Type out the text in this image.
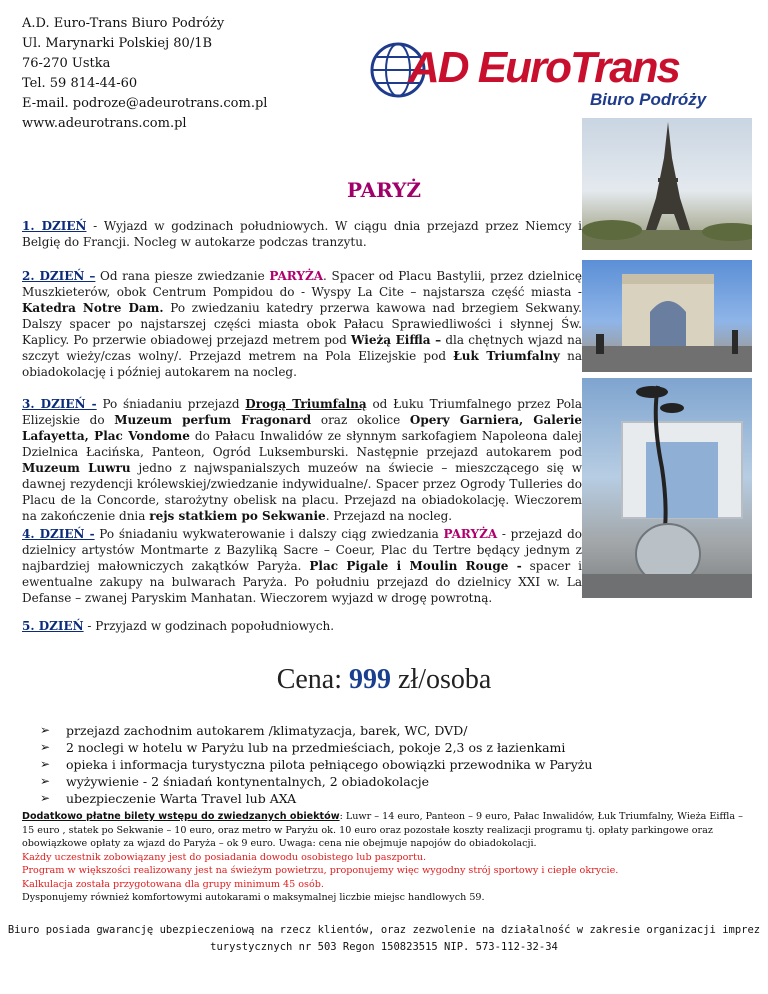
A.D. Euro-Trans Biuro Podróży
Ul. Marynarki Polskiej 80/1B
76-270 Ustka
Tel. 59 814-44-60
E-mail. podroze@adeurotrans.com.pl
www.adeurotrans.com.pl
AD EuroTrans
Biuro Podróży
PARYŻ
1. DZIEŃ - Wyjazd w godzinach południowych. W ciągu dnia przejazd przez Niemcy i Belgię do Francji. Nocleg w autokarze podczas tranzytu.
2. DZIEŃ – Od rana piesze zwiedzanie PARYŻA. Spacer od Placu Bastylii, przez dzielnicę Muszkieterów, obok Centrum Pompidou do - Wyspy La Cite – najstarsza część miasta - Katedra Notre Dam. Po zwiedzaniu katedry przerwa kawowa nad brzegiem Sekwany. Dalszy spacer po najstarszej części miasta obok Pałacu Sprawiedliwości i słynnej Św. Kaplicy. Po przerwie obiadowej przejazd metrem pod Wieżą Eiffla – dla chętnych wjazd na szczyt wieży/czas wolny/. Przejazd metrem na Pola Elizejskie pod Łuk Triumfalny na obiadokolację i później autokarem na nocleg.
3. DZIEŃ - Po śniadaniu przejazd Drogą Triumfalną od Łuku Triumfalnego przez Pola Elizejskie do Muzeum perfum Fragonard oraz okolice Opery Garniera, Galerie Lafayetta, Plac Vondome do Pałacu Inwalidów ze słynnym sarkofagiem Napoleona dalej Dzielnica Łacińska, Panteon, Ogród Luksemburski. Następnie przejazd autokarem pod Muzeum Luwru jedno z najwspanialszych muzeów na świecie – mieszczącego się w dawnej rezydencji królewskiej/zwiedzanie indywidualne/. Spacer przez Ogrody Tulleries do Placu de la Concorde, starożytny obelisk na placu. Przejazd na obiadokolację. Wieczorem na zakończenie dnia rejs statkiem po Sekwanie. Przejazd na nocleg.
4. DZIEŃ - Po śniadaniu wykwaterowanie i dalszy ciąg zwiedzania PARYŻA - przejazd do dzielnicy artystów Montmarte z Bazyliką Sacre – Coeur, Plac du Tertre będący jednym z najbardziej małowniczych zakątków Paryża. Plac Pigale i Moulin Rouge - spacer i ewentualne zakupy na bulwarach Paryża. Po południu przejazd do dzielnicy XXI w. La Defanse – zwanej Paryskim Manhatan. Wieczorem wyjazd w drogę powrotną.
5. DZIEŃ - Przyjazd w godzinach popołudniowych.
Cena: 999 zł/osoba
➢	przejazd zachodnim autokarem /klimatyzacja, barek, WC, DVD/
➢	2 noclegi w hotelu w Paryżu lub na przedmieściach, pokoje 2,3 os z łazienkami
➢	opieka i informacja turystyczna pilota pełniącego obowiązki przewodnika w Paryżu
➢	wyżywienie - 2 śniadań kontynentalnych, 2 obiadokolacje
➢	ubezpieczenie Warta Travel lub AXA
Dodatkowo płatne bilety wstępu do zwiedzanych obiektów: Luwr – 14 euro, Panteon – 9 euro, Pałac Inwalidów, Łuk Triumfalny, Wieża Eiffla – 15 euro , statek po Sekwanie – 10 euro, oraz metro w Paryżu ok. 10 euro oraz pozostałe koszty realizacji programu tj. opłaty parkingowe oraz obowiązkowe opłaty za wjazd do Paryża – ok 9 euro. Uwaga: cena nie obejmuje napojów do obiadokolacji.
Każdy uczestnik zobowiązany jest do posiadania dowodu osobistego lub paszportu.
Program w większości realizowany jest na świeżym powietrzu, proponujemy więc wygodny strój sportowy i ciepłe okrycie.
Kalkulacja została przygotowana dla grupy minimum 45 osób.
Dysponujemy również komfortowymi autokarami o maksymalnej liczbie miejsc handlowych 59.
Biuro posiada gwarancję ubezpieczeniową na rzecz klientów, oraz zezwolenie na działalność w zakresie organizacji imprez
turystycznych nr 503 Regon 150823515 NIP. 573-112-32-34
